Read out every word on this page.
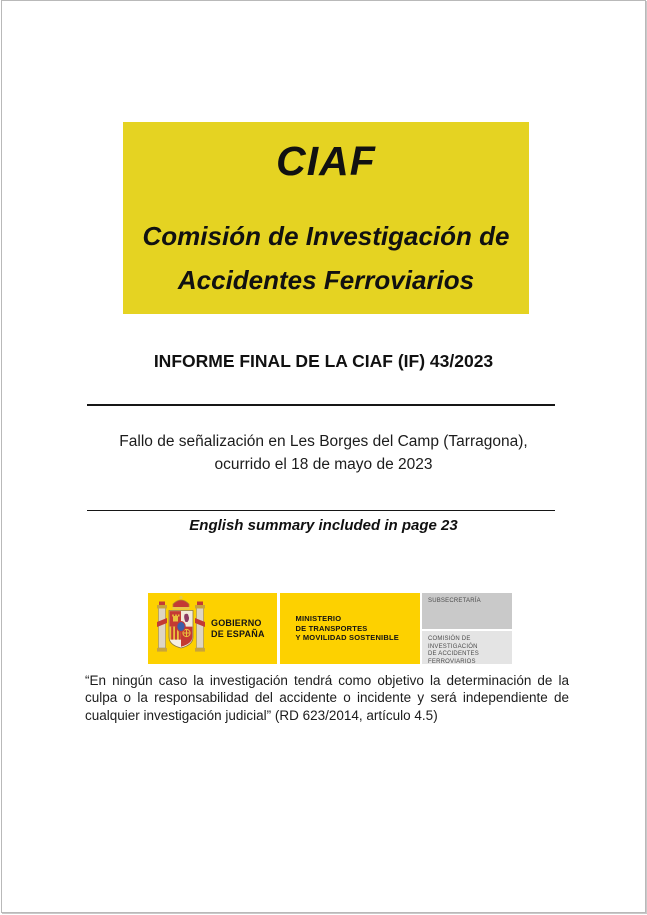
CIAF
Comisión de Investigación de
Accidentes Ferroviarios
INFORME FINAL DE LA CIAF (IF) 43/2023
Fallo de señalización en Les Borges del Camp (Tarragona),
ocurrido el 18 de mayo de 2023
English summary included in page 23
GOBIERNO
DE ESPAÑA
MINISTERIO
DE TRANSPORTES
Y MOVILIDAD SOSTENIBLE
SUBSECRETARÍA
COMISIÓN DE INVESTIGACIÓN
DE ACCIDENTES FERROVIARIOS
“En ningún caso la investigación tendrá como objetivo la determinación de la culpa o la responsabilidad del accidente o incidente y será independiente de cualquier investigación judicial” (RD 623/2014, artículo 4.5)
